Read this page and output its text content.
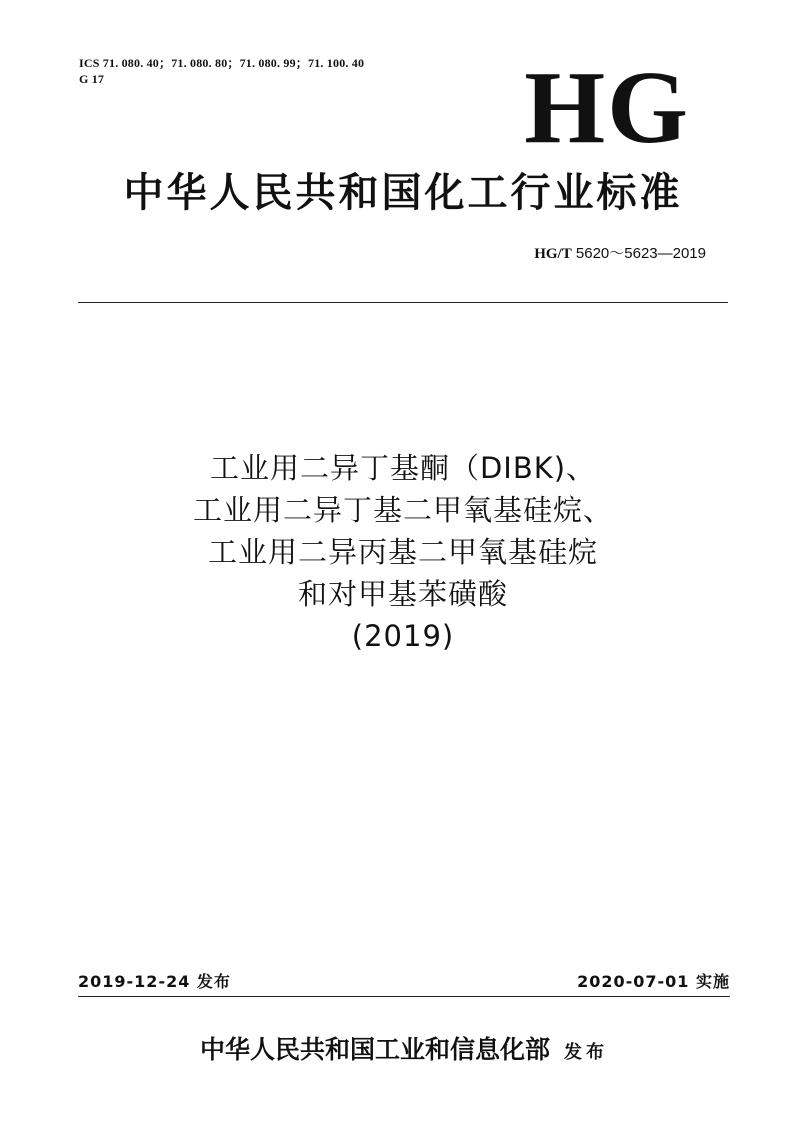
ICS 71. 080. 40；71. 080. 80；71. 080. 99；71. 100. 40
G 17	HG
中华人民共和国化工行业标准
HG/T 5620～5623—2019
工业用二异丁基酮（DIBK)、
工业用二异丁基二甲氧基硅烷、
工业用二异丙基二甲氧基硅烷
和对甲基苯磺酸
(2019)
2019-12-24 发布	2020-07-01 实施
中华人民共和国工业和信息化部 发布
